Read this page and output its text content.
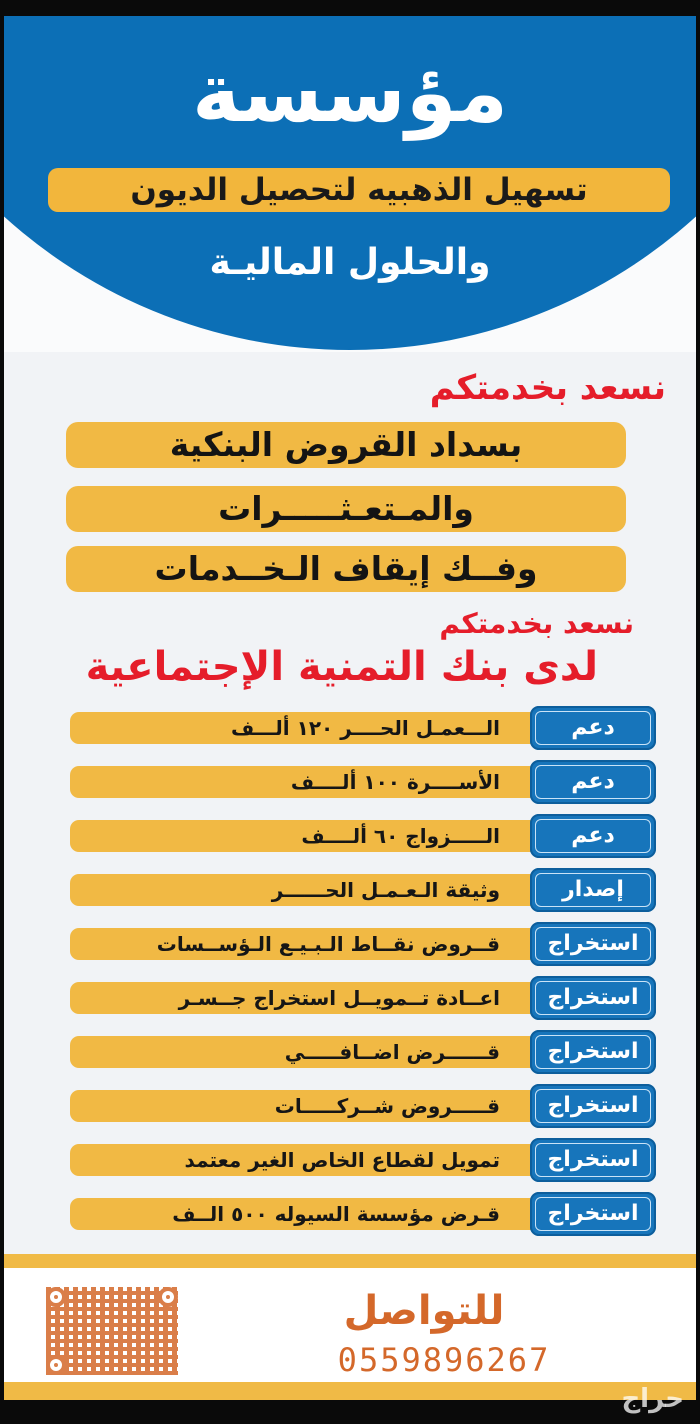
مؤسسة
تسهيل الذهبيه لتحصيل الديون
والحلول الماليـة
نسعد بخدمتكم
بسداد القروض البنكية
والمـتعـثـــــرات
وفــك إيقاف الـخــدمات
نسعد بخدمتكم
لدى بنك التمنية الإجتماعية
الـــعمـل الحــــر ١٢٠ ألـــف	دعم
الأســــرة ١٠٠ ألــــف	دعم
الـــــزواج ٦٠ ألــــف	دعم
وثيقة الـعـمـل الحــــــر	إصدار
قــروض نقــاط الـبـيـع الـؤســسات	استخراج
اعــادة تــمويــل استخراج جــسـر	استخراج
قــــــرض اضــافـــــي	استخراج
قـــــروض شــركـــــات	استخراج
تمويل لقطاع الخاص الغير معتمد	استخراج
قـرض مؤسسة السيوله ٥٠٠ الــف	استخراج
للتواصل
0559896267
حراج
